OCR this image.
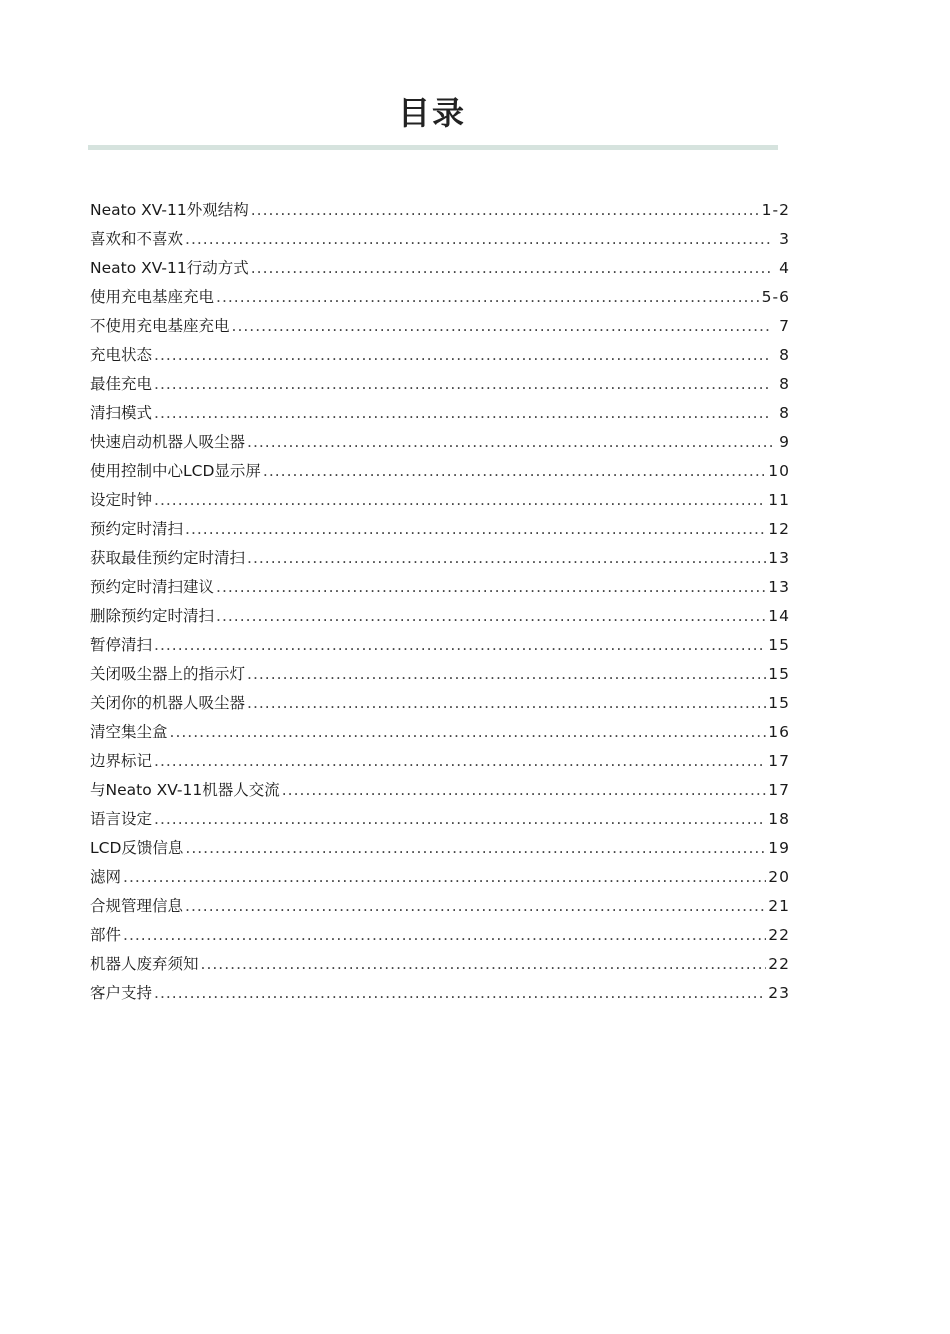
目录
Neato XV-11外观结构 .....	1-2
喜欢和不喜欢 .....	3
Neato XV-11行动方式 .....	4
使用充电基座充电 .....	5-6
不使用充电基座充电 .....	7
充电状态 .....	8
最佳充电 .....	8
清扫模式 .....	8
快速启动机器人吸尘器 .....	9
使用控制中心LCD显示屏 .....	10
设定时钟 .....	11
预约定时清扫 .....	12
获取最佳预约定时清扫 .....	13
预约定时清扫建议 .....	13
删除预约定时清扫 .....	14
暂停清扫 .....	15
关闭吸尘器上的指示灯 .....	15
关闭你的机器人吸尘器 .....	15
清空集尘盒 .....	16
边界标记 .....	17
与Neato XV-11机器人交流 .....	17
语言设定 .....	18
LCD反馈信息 .....	19
滤网 .....	20
合规管理信息 .....	21
部件 .....	22
机器人废弃须知 .....	22
客户支持 .....	23
